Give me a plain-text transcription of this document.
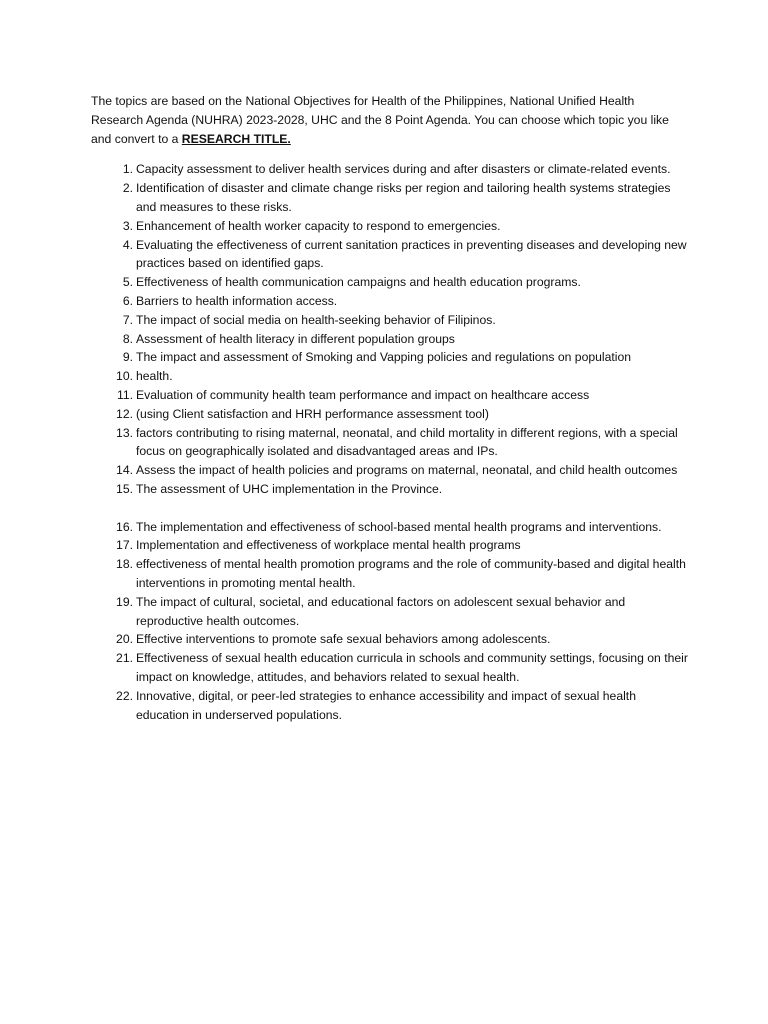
The topics are based on the National Objectives for Health of the Philippines, National Unified Health Research Agenda (NUHRA) 2023-2028, UHC and the 8 Point Agenda. You can choose which topic you like and convert to a RESEARCH TITLE.

1. Capacity assessment to deliver health services during and after disasters or climate-related events.
2. Identification of disaster and climate change risks per region and tailoring health systems strategies and measures to these risks.
3. Enhancement of health worker capacity to respond to emergencies.
4. Evaluating the effectiveness of current sanitation practices in preventing diseases and developing new practices based on identified gaps.
5. Effectiveness of health communication campaigns and health education programs.
6. Barriers to health information access.
7. The impact of social media on health-seeking behavior of Filipinos.
8. Assessment of health literacy in different population groups
9. The impact and assessment of Smoking and Vapping policies and regulations on population
10. health.
11. Evaluation of community health team performance and impact on healthcare access
12. (using Client satisfaction and HRH performance assessment tool)
13. factors contributing to rising maternal, neonatal, and child mortality in different regions, with a special focus on geographically isolated and disadvantaged areas and IPs.
14. Assess the impact of health policies and programs on maternal, neonatal, and child health outcomes
15. The assessment of UHC implementation in the Province.
16. The implementation and effectiveness of school-based mental health programs and interventions.
17. Implementation and effectiveness of workplace mental health programs
18. effectiveness of mental health promotion programs and the role of community-based and digital health interventions in promoting mental health.
19. The impact of cultural, societal, and educational factors on adolescent sexual behavior and reproductive health outcomes.
20. Effective interventions to promote safe sexual behaviors among adolescents.
21. Effectiveness of sexual health education curricula in schools and community settings, focusing on their impact on knowledge, attitudes, and behaviors related to sexual health.
22. Innovative, digital, or peer-led strategies to enhance accessibility and impact of sexual health education in underserved populations.
